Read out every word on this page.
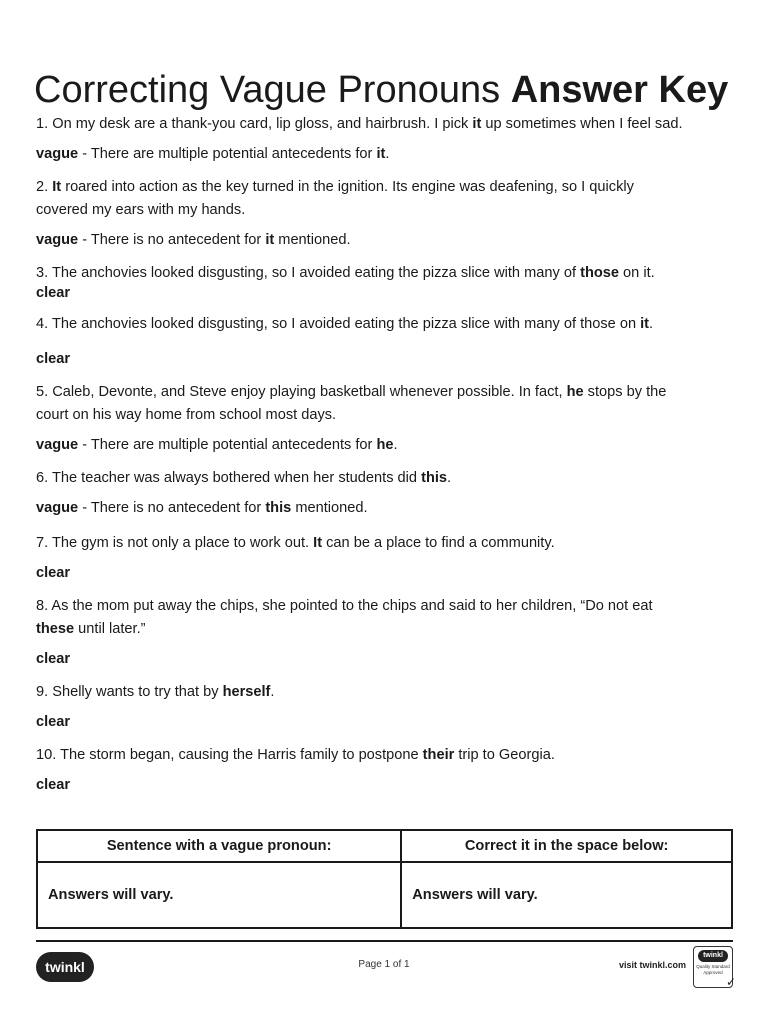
Correcting Vague Pronouns Answer Key

1. On my desk are a thank-you card, lip gloss, and hairbrush. I pick it up sometimes when I feel sad.

vague - There are multiple potential antecedents for it.

2. It roared into action as the key turned in the ignition. Its engine was deafening, so I quickly
covered my ears with my hands.

vague - There is no antecedent for it mentioned.

3. The anchovies looked disgusting, so I avoided eating the pizza slice with many of those on it.

clear

4. The anchovies looked disgusting, so I avoided eating the pizza slice with many of those on it.

clear

5. Caleb, Devonte, and Steve enjoy playing basketball whenever possible. In fact, he stops by the
court on his way home from school most days.

vague - There are multiple potential antecedents for he.

6. The teacher was always bothered when her students did this.

vague - There is no antecedent for this mentioned.

7. The gym is not only a place to work out. It can be a place to find a community.

clear

8. As the mom put away the chips, she pointed to the chips and said to her children, “Do not eat
these until later.”

clear

9. Shelly wants to try that by herself.

clear

10. The storm began, causing the Harris family to postpone their trip to Georgia.

clear

Sentence with a vague pronoun:	Correct it in the space below:
Answers will vary.	Answers will vary.
twinkl	Page 1 of 1	visit twinkl.com
twinkl
Quality Standard Approved
✓
